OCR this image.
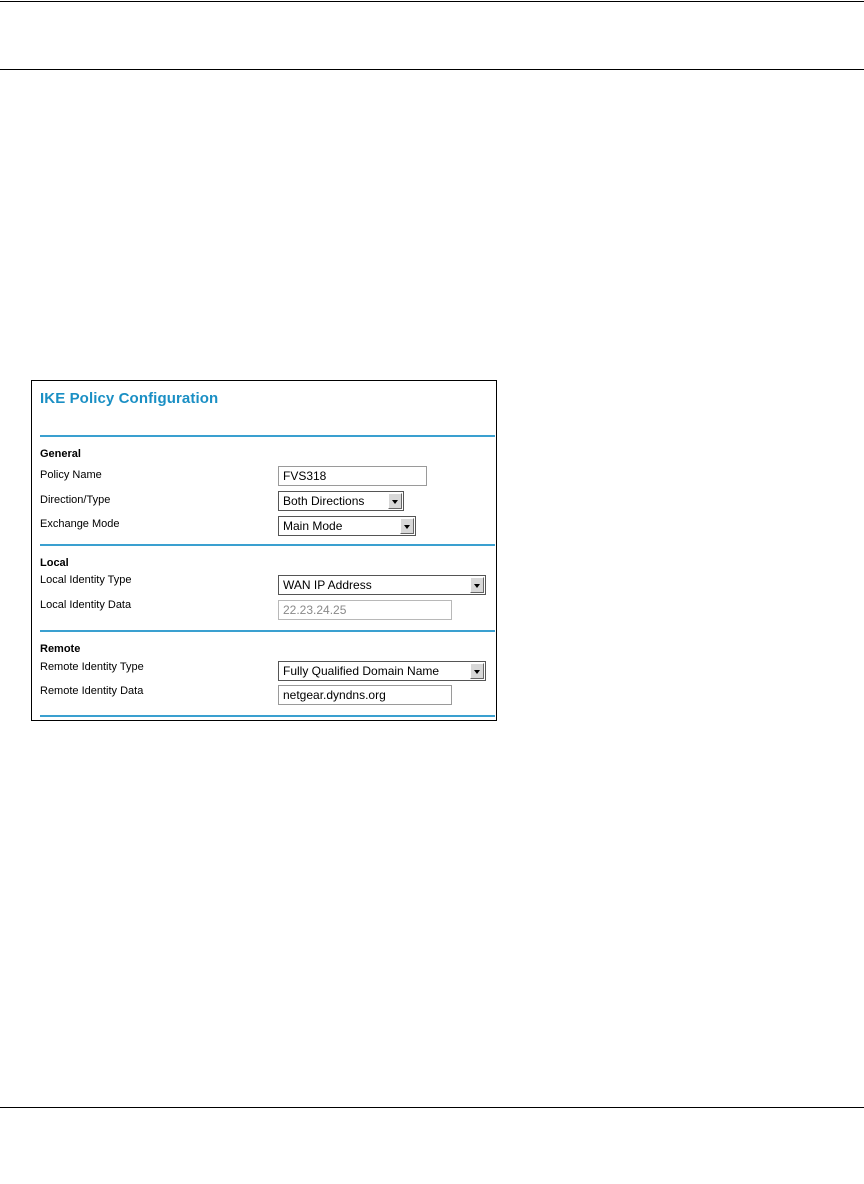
IKE Policy Configuration
General
Policy Name	FVS318
Direction/Type	Both Directions
Exchange Mode	Main Mode
Local
Local Identity Type	WAN IP Address
Local Identity Data	22.23.24.25
Remote
Remote Identity Type	Fully Qualified Domain Name
Remote Identity Data	netgear.dyndns.org
